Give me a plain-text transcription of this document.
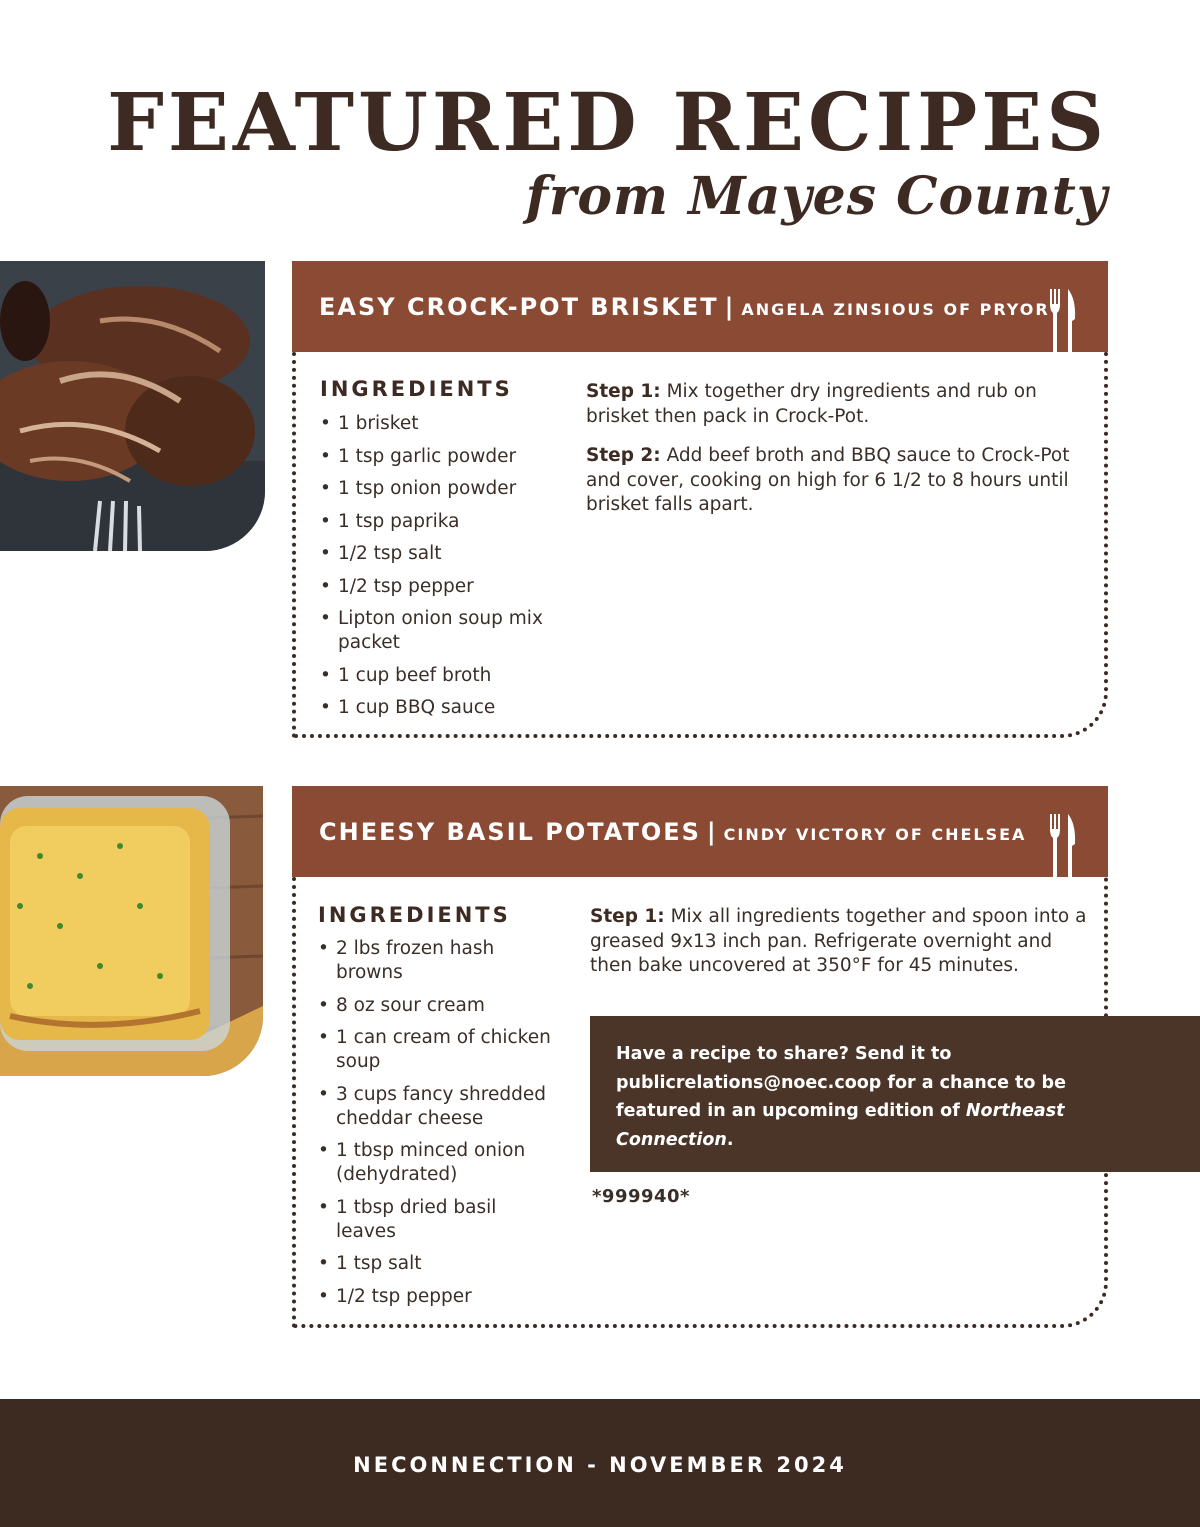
FEATURED RECIPES
from Mayes County
EASY CROCK-POT BRISKET | ANGELA ZINSIOUS OF PRYOR
INGREDIENTS
• 1 brisket
• 1 tsp garlic powder
• 1 tsp onion powder
• 1 tsp paprika
• 1/2 tsp salt
• 1/2 tsp pepper
• Lipton onion soup mix packet
• 1 cup beef broth
• 1 cup BBQ sauce
Step 1: Mix together dry ingredients and rub on brisket then pack in Crock-Pot.
Step 2: Add beef broth and BBQ sauce to Crock-Pot and cover, cooking on high for 6 1/2 to 8 hours until brisket falls apart.
CHEESY BASIL POTATOES | CINDY VICTORY OF CHELSEA
INGREDIENTS
• 2 lbs frozen hash browns
• 8 oz sour cream
• 1 can cream of chicken soup
• 3 cups fancy shredded cheddar cheese
• 1 tbsp minced onion (dehydrated)
• 1 tbsp dried basil leaves
• 1 tsp salt
• 1/2 tsp pepper
Step 1: Mix all ingredients together and spoon into a greased 9x13 inch pan. Refrigerate overnight and then bake uncovered at 350°F for 45 minutes.
Have a recipe to share? Send it to publicrelations@noec.coop for a chance to be featured in an upcoming edition of Northeast Connection.
*999940*
NECONNECTION - NOVEMBER 2024
